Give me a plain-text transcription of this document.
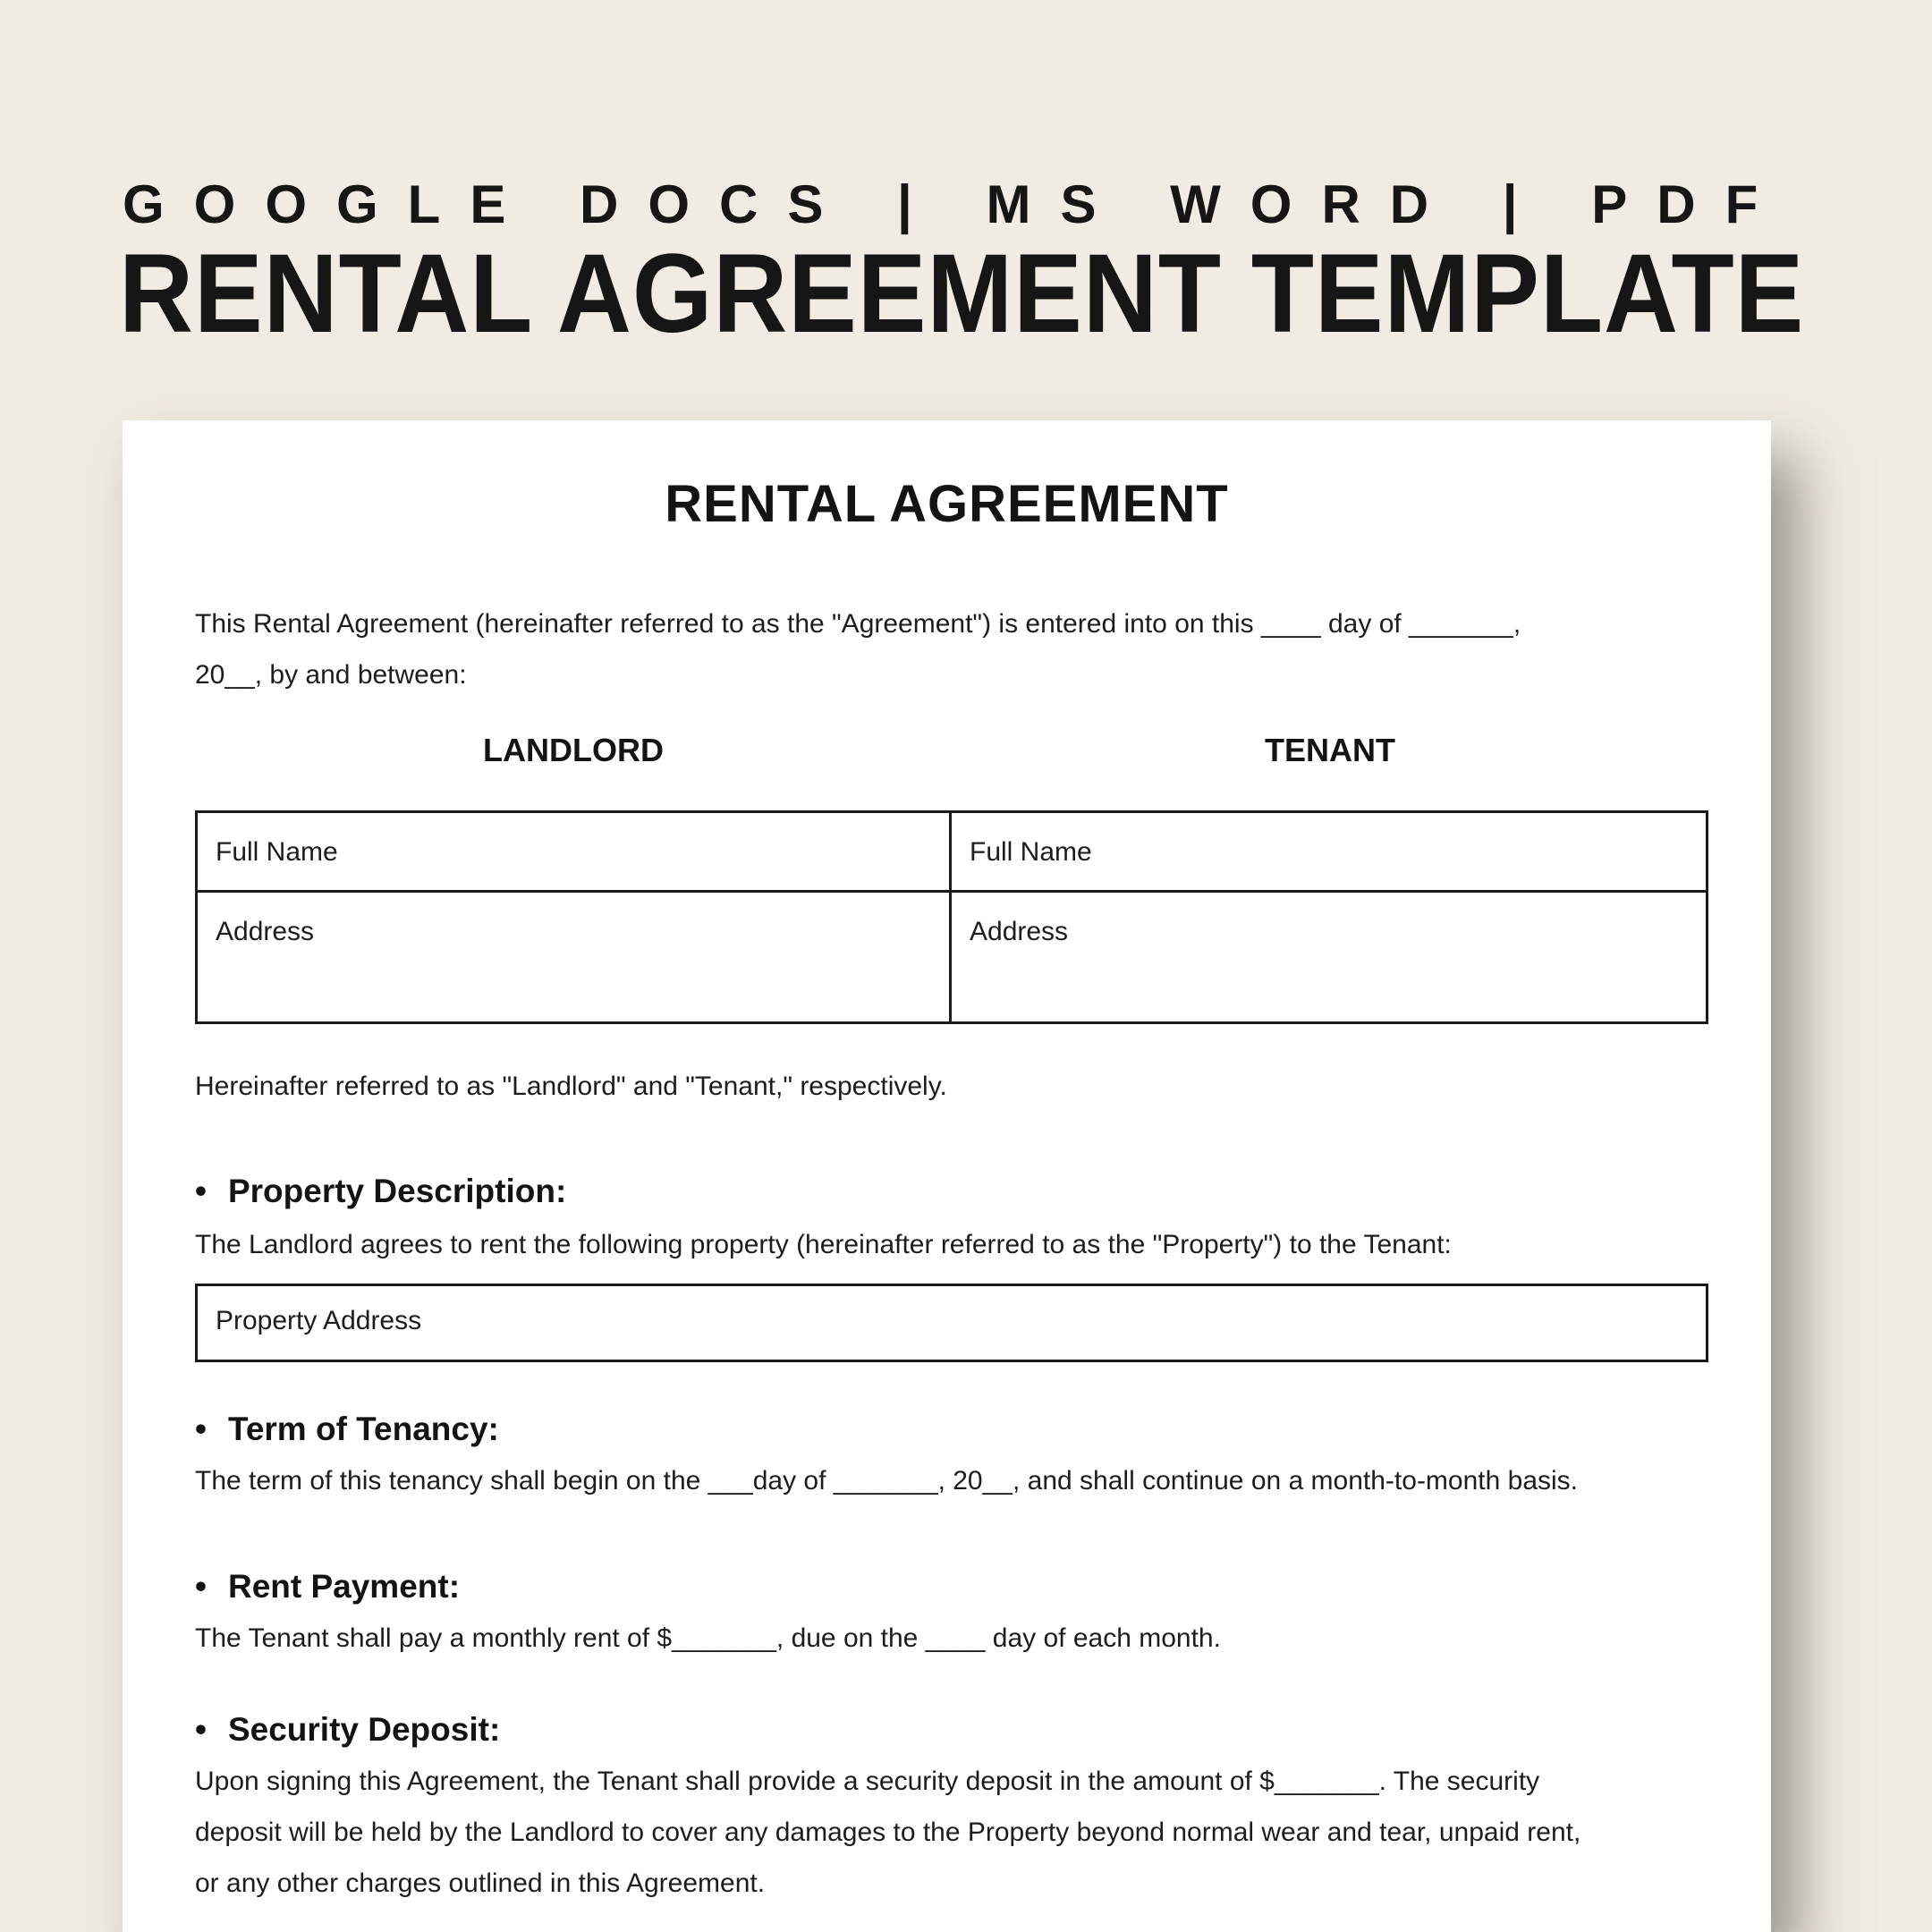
GOOGLE DOCS | MS WORD | PDF
RENTAL AGREEMENT TEMPLATE
RENTAL AGREEMENT
This Rental Agreement (hereinafter referred to as the "Agreement") is entered into on this ____ day of _______,
20__, by and between:
LANDLORD	TENANT
Full Name	Full Name
Address	Address
Hereinafter referred to as "Landlord" and "Tenant," respectively.
• Property Description:
The Landlord agrees to rent the following property (hereinafter referred to as the "Property") to the Tenant:
Property Address
• Term of Tenancy:
The term of this tenancy shall begin on the ___day of _______, 20__, and shall continue on a month-to-month basis.
• Rent Payment:
The Tenant shall pay a monthly rent of $_______, due on the ____ day of each month.
• Security Deposit:
Upon signing this Agreement, the Tenant shall provide a security deposit in the amount of $_______. The security
deposit will be held by the Landlord to cover any damages to the Property beyond normal wear and tear, unpaid rent,
or any other charges outlined in this Agreement.
